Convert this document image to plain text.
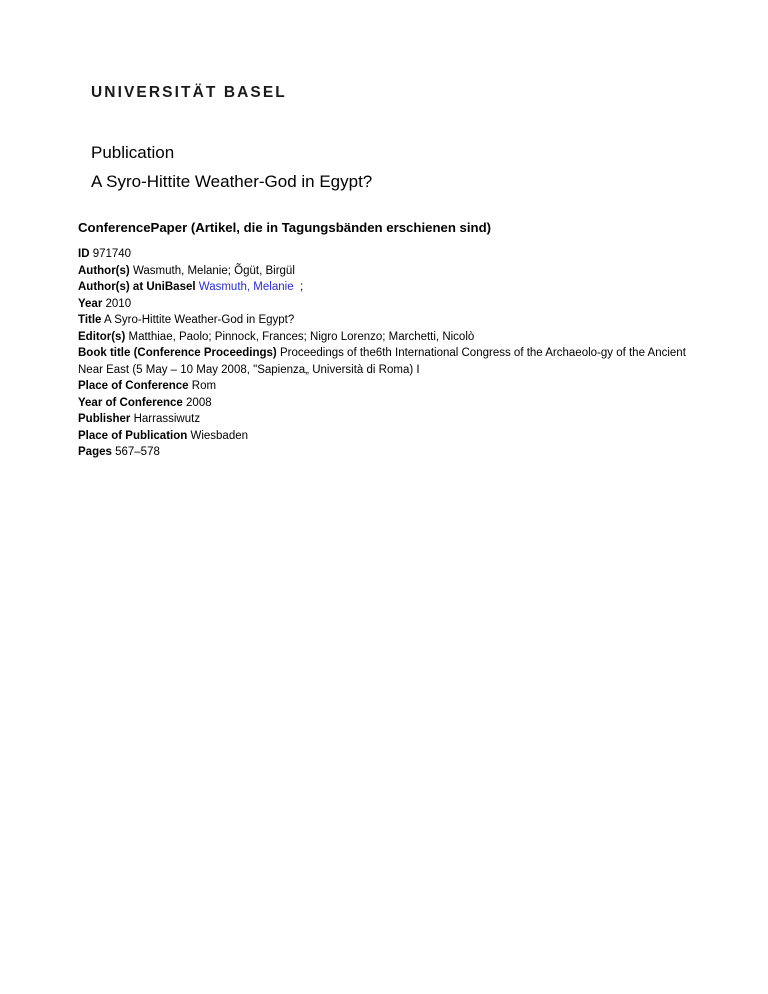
UNIVERSITÄT BASEL
Publication
A Syro-Hittite Weather-God in Egypt?
ConferencePaper (Artikel, die in Tagungsbänden erschienen sind)

ID 971740

Author(s) Wasmuth, Melanie; Õgüt, Birgül

Author(s) at UniBasel Wasmuth, Melanie ;

Year 2010

Title A Syro-Hittite Weather-God in Egypt?

Editor(s) Matthiae, Paolo; Pinnock, Frances; Nigro Lorenzo; Marchetti, Nicolò

Book title (Conference Proceedings) Proceedings of the6th International Congress of the Archaeolo-gy of the Ancient Near East (5 May – 10 May 2008, "Sapienza„ Università di Roma) I

Place of Conference Rom

Year of Conference 2008

Publisher Harrassiwutz

Place of Publication Wiesbaden

Pages 567–578
